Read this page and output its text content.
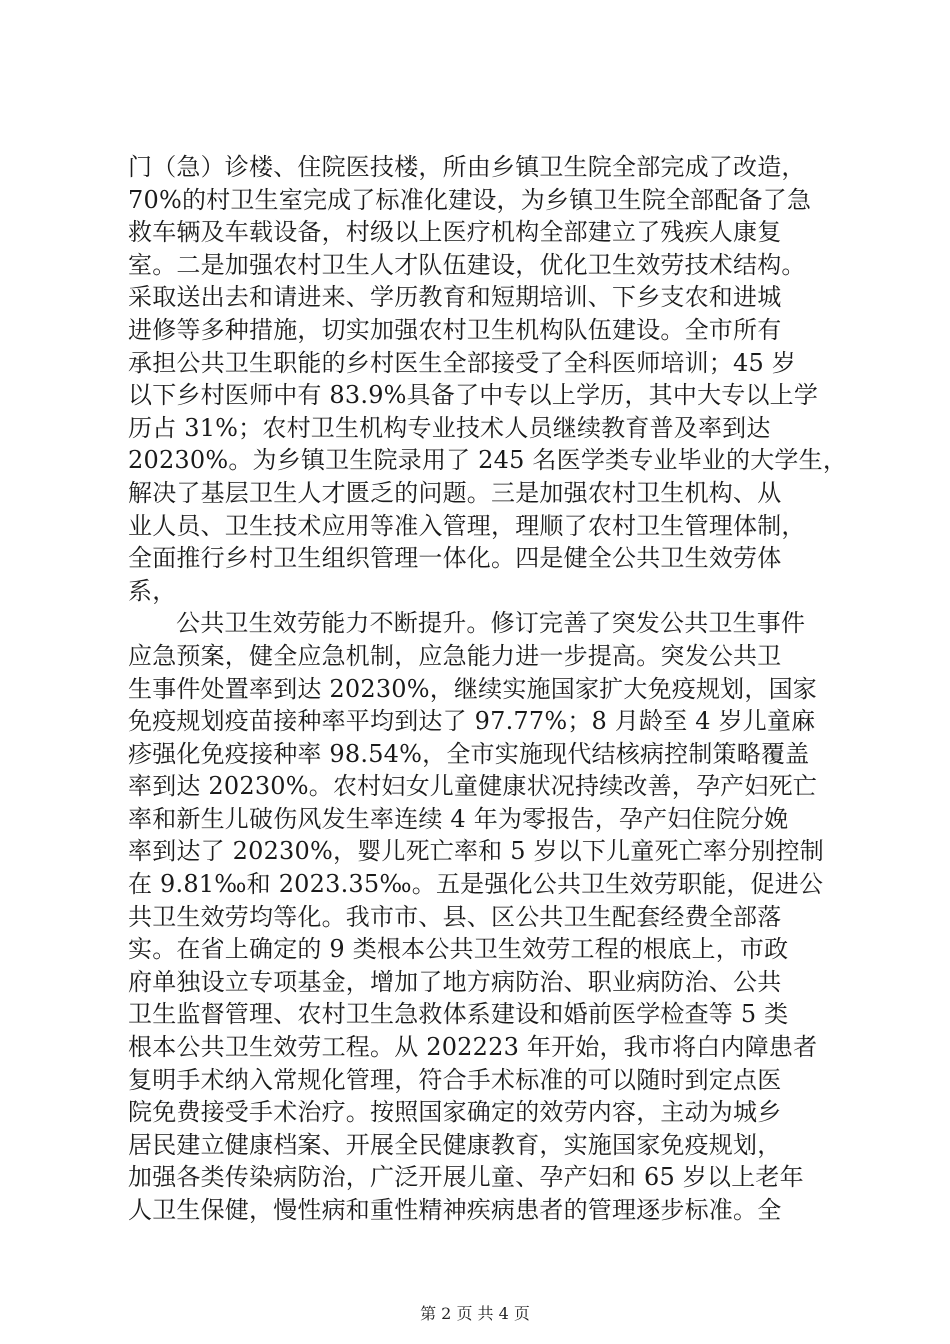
门（急）诊楼、住院医技楼，所由乡镇卫生院全部完成了改造，
70%的村卫生室完成了标准化建设，为乡镇卫生院全部配备了急
救车辆及车载设备，村级以上医疗机构全部建立了残疾人康复
室。二是加强农村卫生人才队伍建设，优化卫生效劳技术结构。
采取送出去和请进来、学历教育和短期培训、下乡支农和进城
进修等多种措施，切实加强农村卫生机构队伍建设。全市所有
承担公共卫生职能的乡村医生全部接受了全科医师培训；45 岁
以下乡村医师中有 83.9%具备了中专以上学历，其中大专以上学
历占 31%；农村卫生机构专业技术人员继续教育普及率到达
20230%。为乡镇卫生院录用了 245 名医学类专业毕业的大学生，
解决了基层卫生人才匮乏的问题。三是加强农村卫生机构、从
业人员、卫生技术应用等准入管理，理顺了农村卫生管理体制，
全面推行乡村卫生组织管理一体化。四是健全公共卫生效劳体
系，
公共卫生效劳能力不断提升。修订完善了突发公共卫生事件
应急预案，健全应急机制，应急能力进一步提高。突发公共卫
生事件处置率到达 20230%，继续实施国家扩大免疫规划，国家
免疫规划疫苗接种率平均到达了 97.77%；8 月龄至 4 岁儿童麻
疹强化免疫接种率 98.54%，全市实施现代结核病控制策略覆盖
率到达 20230%。农村妇女儿童健康状况持续改善，孕产妇死亡
率和新生儿破伤风发生率连续 4 年为零报告，孕产妇住院分娩
率到达了 20230%，婴儿死亡率和 5 岁以下儿童死亡率分别控制
在 9.81‰和 2023.35‰。五是强化公共卫生效劳职能，促进公
共卫生效劳均等化。我市市、县、区公共卫生配套经费全部落
实。在省上确定的 9 类根本公共卫生效劳工程的根底上，市政
府单独设立专项基金，增加了地方病防治、职业病防治、公共
卫生监督管理、农村卫生急救体系建设和婚前医学检查等 5 类
根本公共卫生效劳工程。从 202223 年开始，我市将白内障患者
复明手术纳入常规化管理，符合手术标准的可以随时到定点医
院免费接受手术治疗。按照国家确定的效劳内容，主动为城乡
居民建立健康档案、开展全民健康教育，实施国家免疫规划，
加强各类传染病防治，广泛开展儿童、孕产妇和 65 岁以上老年
人卫生保健，慢性病和重性精神疾病患者的管理逐步标准。全
第 2 页 共 4 页
